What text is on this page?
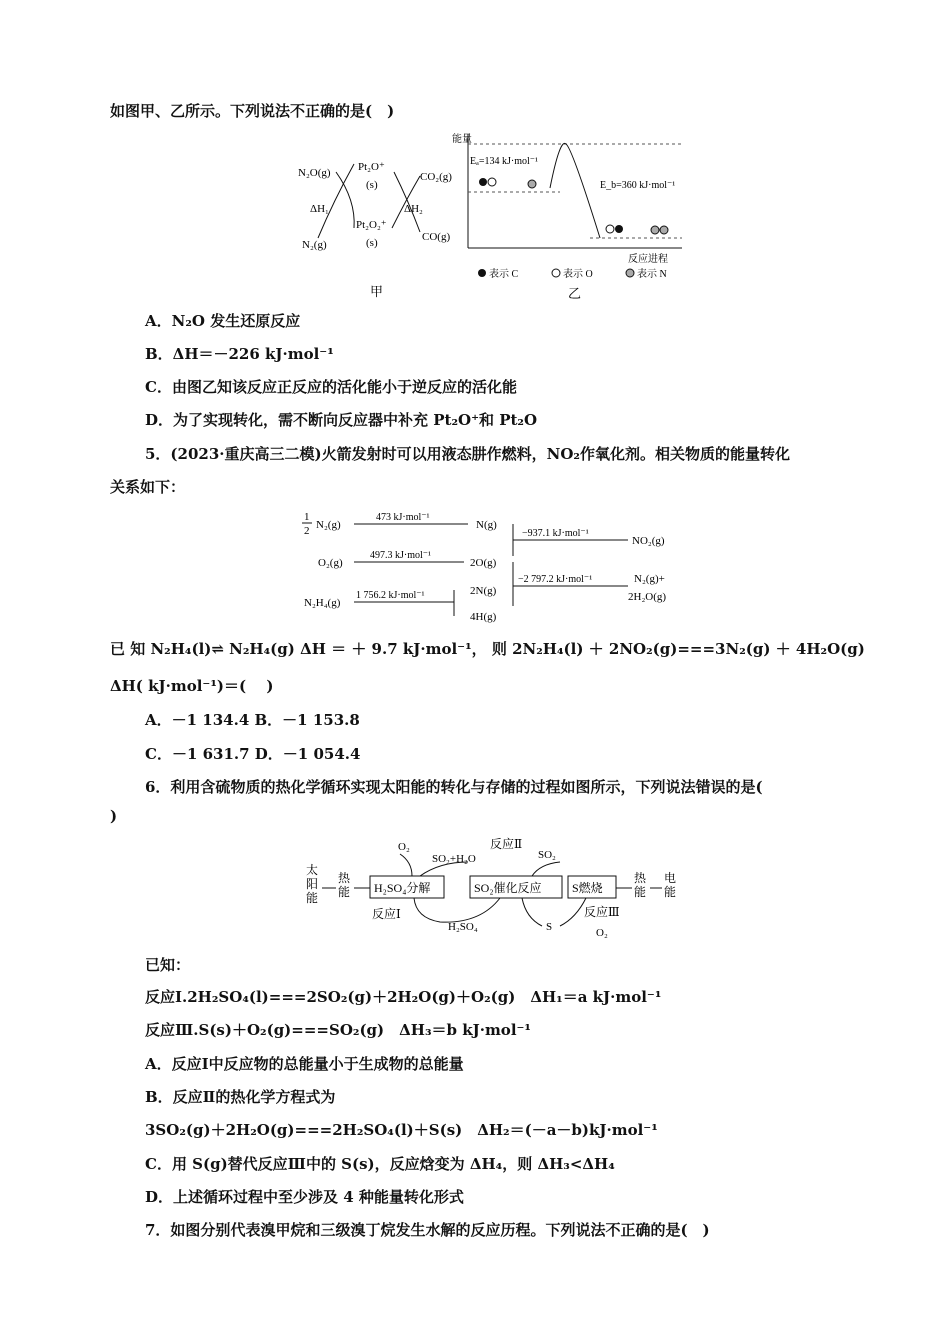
如图甲、乙所示。下列说法不正确的是(　)
N₂O(g) Pt₂O⁺
(s)
CO₂(g)
ΔH₁	ΔH₂
N₂(g)
Pt₂O₂⁺
(s)	CO(g)
甲
能量
Eₐ=134 kJ·mol⁻¹
E_b=360 kJ·mol⁻¹
反应进程
表示 C	表示 O	表示 N
乙
A．N₂O 发生还原反应
B．ΔH＝－226 kJ·mol⁻¹
C．由图乙知该反应正反应的活化能小于逆反应的活化能
D．为了实现转化，需不断向反应器中补充 Pt₂O⁺和 Pt₂O
5．(2023·重庆高三二模)火箭发射时可以用液态肼作燃料，NO₂作氧化剂。相关物质的能量转化
关系如下：
1
2 N₂(g)
473 kJ·mol⁻¹
N(g)
−937.1 kJ·mol⁻¹
NO₂(g)
O₂(g)
497.3 kJ·mol⁻¹
2O(g)
−2 797.2 kJ·mol⁻¹	N₂(g)+
2H₂O(g)
N₂H₄(g)
1 756.2 kJ·mol⁻¹	2N(g)
4H(g)
已 知 N₂H₄(l)⇌ N₂H₄(g) ΔH ＝ ＋ 9.7 kJ·mol⁻¹， 则 2N₂H₄(l) ＋ 2NO₂(g)===3N₂(g) ＋ 4H₂O(g)
ΔH( kJ·mol⁻¹)＝(　 )
A．－1 134.4 B．－1 153.8
C．－1 631.7 D．－1 054.4
6．利用含硫物质的热化学循环实现太阳能的转化与存储的过程如图所示，下列说法错误的是(
)
太
阳
能
热
能 H₂SO₄分解	SO₂催化反应	S燃烧
热
能
电
能
O₂
SO₂+H₂O
反应Ⅱ
SO₂
反应Ⅰ
H₂SO₄	S
反应Ⅲ
O₂
已知：
反应Ⅰ.2H₂SO₄(l)===2SO₂(g)＋2H₂O(g)＋O₂(g)　ΔH₁＝a kJ·mol⁻¹
反应Ⅲ.S(s)＋O₂(g)===SO₂(g)　ΔH₃＝b kJ·mol⁻¹
A．反应Ⅰ中反应物的总能量小于生成物的总能量
B．反应Ⅱ的热化学方程式为
3SO₂(g)＋2H₂O(g)===2H₂SO₄(l)＋S(s)　ΔH₂＝(－a－b)kJ·mol⁻¹
C．用 S(g)替代反应Ⅲ中的 S(s)，反应焓变为 ΔH₄，则 ΔH₃<ΔH₄
D．上述循环过程中至少涉及 4 种能量转化形式
7．如图分别代表溴甲烷和三级溴丁烷发生水解的反应历程。下列说法不正确的是(　)
